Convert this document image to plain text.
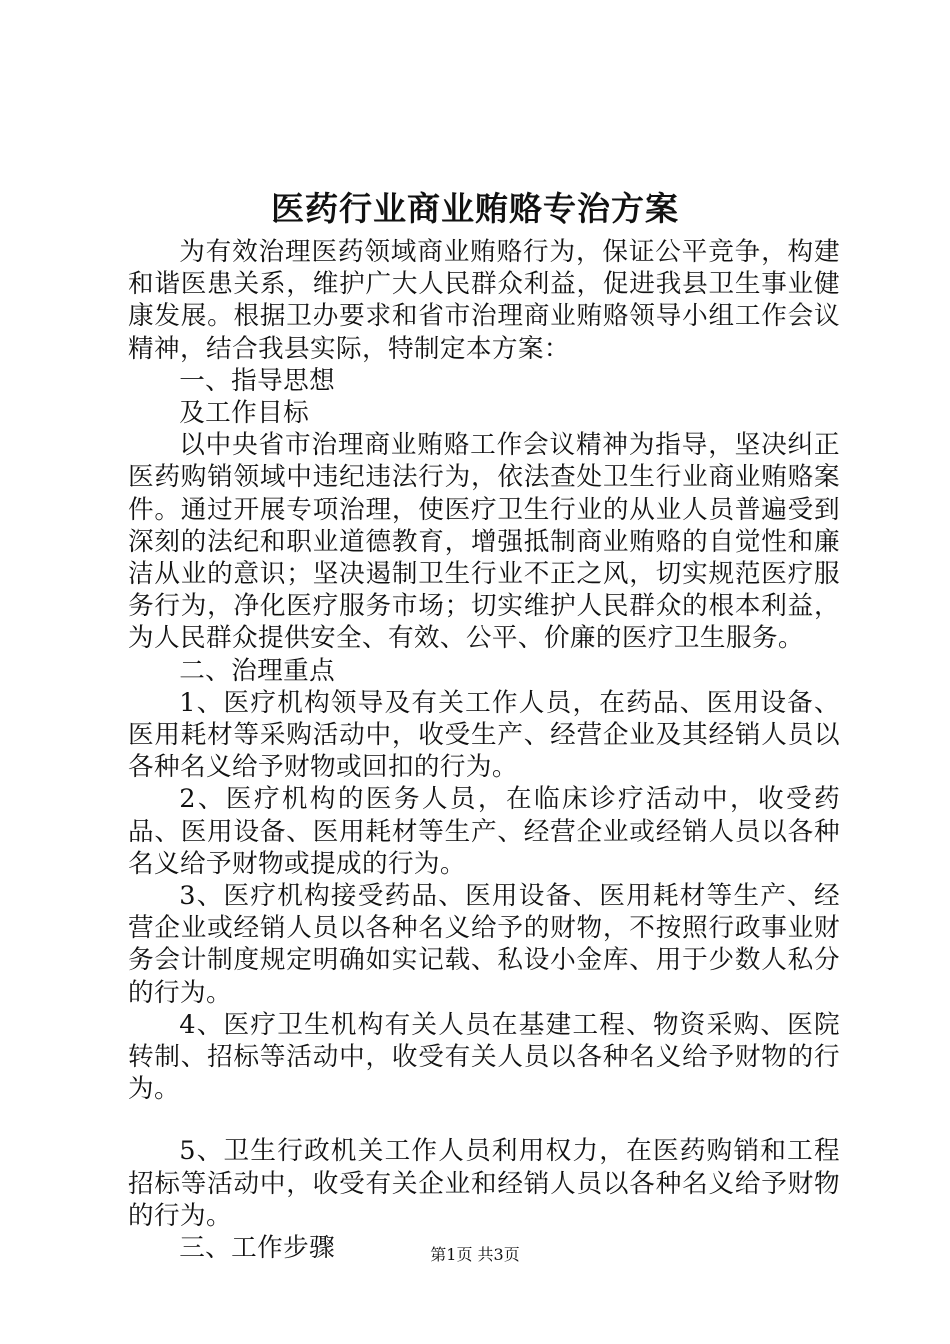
医药行业商业贿赂专治方案

为有效治理医药领域商业贿赂行为，保证公平竞争，构建和谐医患关系，维护广大人民群众利益，促进我县卫生事业健康发展。根据卫办要求和省市治理商业贿赂领导小组工作会议精神，结合我县实际，特制定本方案：

一、指导思想

及工作目标

以中央省市治理商业贿赂工作会议精神为指导，坚决纠正医药购销领域中违纪违法行为，依法查处卫生行业商业贿赂案件。通过开展专项治理，使医疗卫生行业的从业人员普遍受到深刻的法纪和职业道德教育，增强抵制商业贿赂的自觉性和廉洁从业的意识；坚决遏制卫生行业不正之风，切实规范医疗服务行为，净化医疗服务市场；切实维护人民群众的根本利益，为人民群众提供安全、有效、公平、价廉的医疗卫生服务。

二、治理重点

1、医疗机构领导及有关工作人员，在药品、医用设备、医用耗材等采购活动中，收受生产、经营企业及其经销人员以各种名义给予财物或回扣的行为。

2、医疗机构的医务人员，在临床诊疗活动中，收受药品、医用设备、医用耗材等生产、经营企业或经销人员以各种名义给予财物或提成的行为。

3、医疗机构接受药品、医用设备、医用耗材等生产、经营企业或经销人员以各种名义给予的财物，不按照行政事业财务会计制度规定明确如实记载、私设小金库、用于少数人私分的行为。

4、医疗卫生机构有关人员在基建工程、物资采购、医院转制、招标等活动中，收受有关人员以各种名义给予财物的行为。

5、卫生行政机关工作人员利用权力，在医药购销和工程招标等活动中，收受有关企业和经销人员以各种名义给予财物的行为。

三、工作步骤	第1页 共3页
